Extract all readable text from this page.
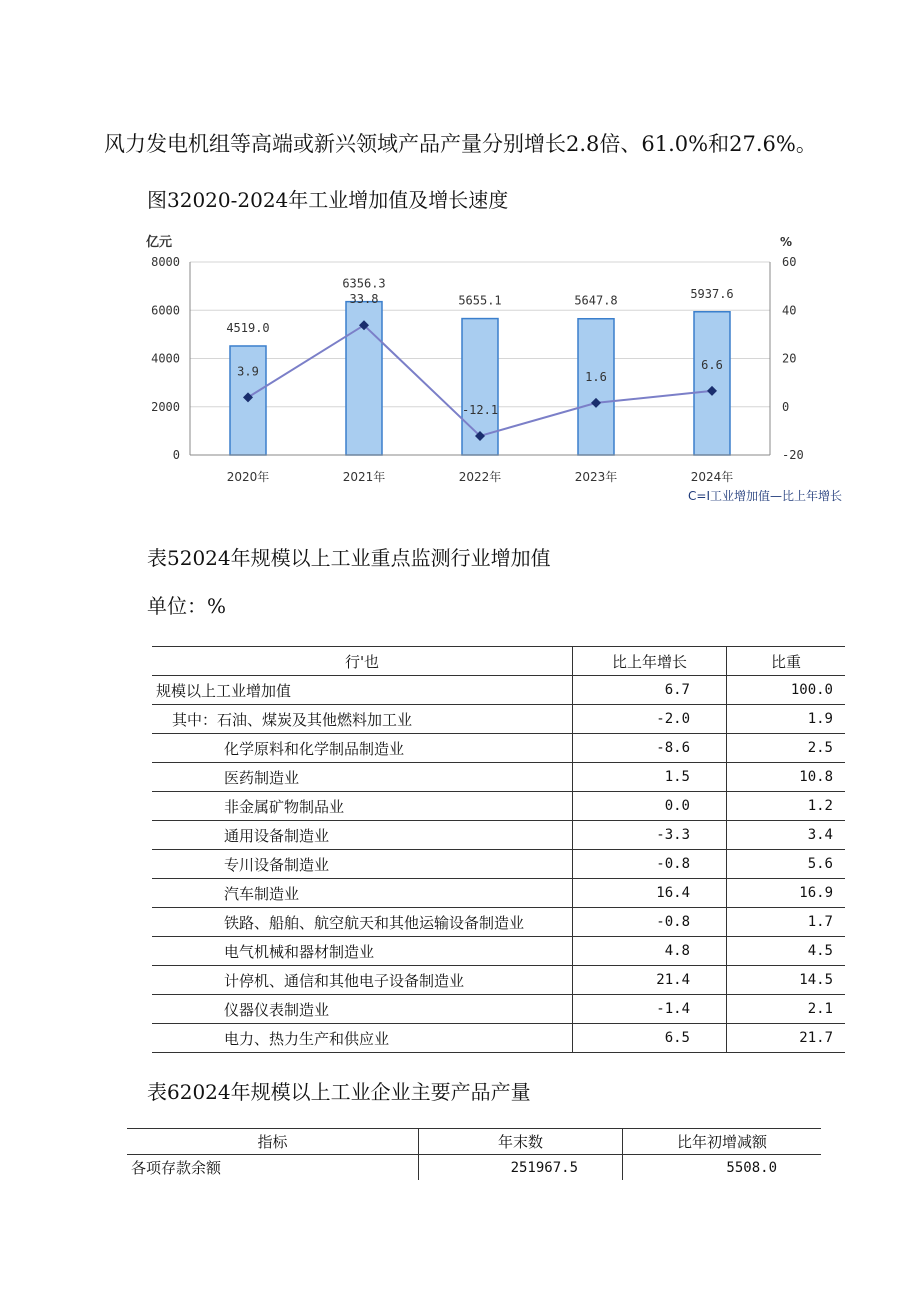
风力发电机组等高端或新兴领域产品产量分别增长2.8倍、61.0%和27.6%。
图32020-2024年工业增加值及增长速度
8000
6000
4000
2000
0
60
40
20
0
-20
亿元	%
4519.0
2020年
6356.3
2021年
5655.1
2022年
5647.8
2023年
5937.6
2024年
3.9
33.8
-12.1
1.6
6.6
C=I工业增加值—比上年增长
表52024年规模以上工业重点监测行业增加值
单位：%
行'也	比上年增长	比重
规模以上工业增加值	6.7	100.0
其中：石油、煤炭及其他燃料加工业	-2.0	1.9
化学原料和化学制品制造业	-8.6	2.5
医药制造业	1.5	10.8
非金属矿物制品业	0.0	1.2
通用设备制造业	-3.3	3.4
专川设备制造业	-0.8	5.6
汽车制造业	16.4	16.9
铁路、船舶、航空航天和其他运输设备制造业	-0.8	1.7
电气机械和器材制造业	4.8	4.5
计停机、通信和其他电子设备制造业	21.4	14.5
仪器仪表制造业	-1.4	2.1
电力、热力生产和供应业	6.5	21.7
表62024年规模以上工业企业主要产品产量
指标	年末数	比年初增减额
各项存款余额	251967.5	5508.0
